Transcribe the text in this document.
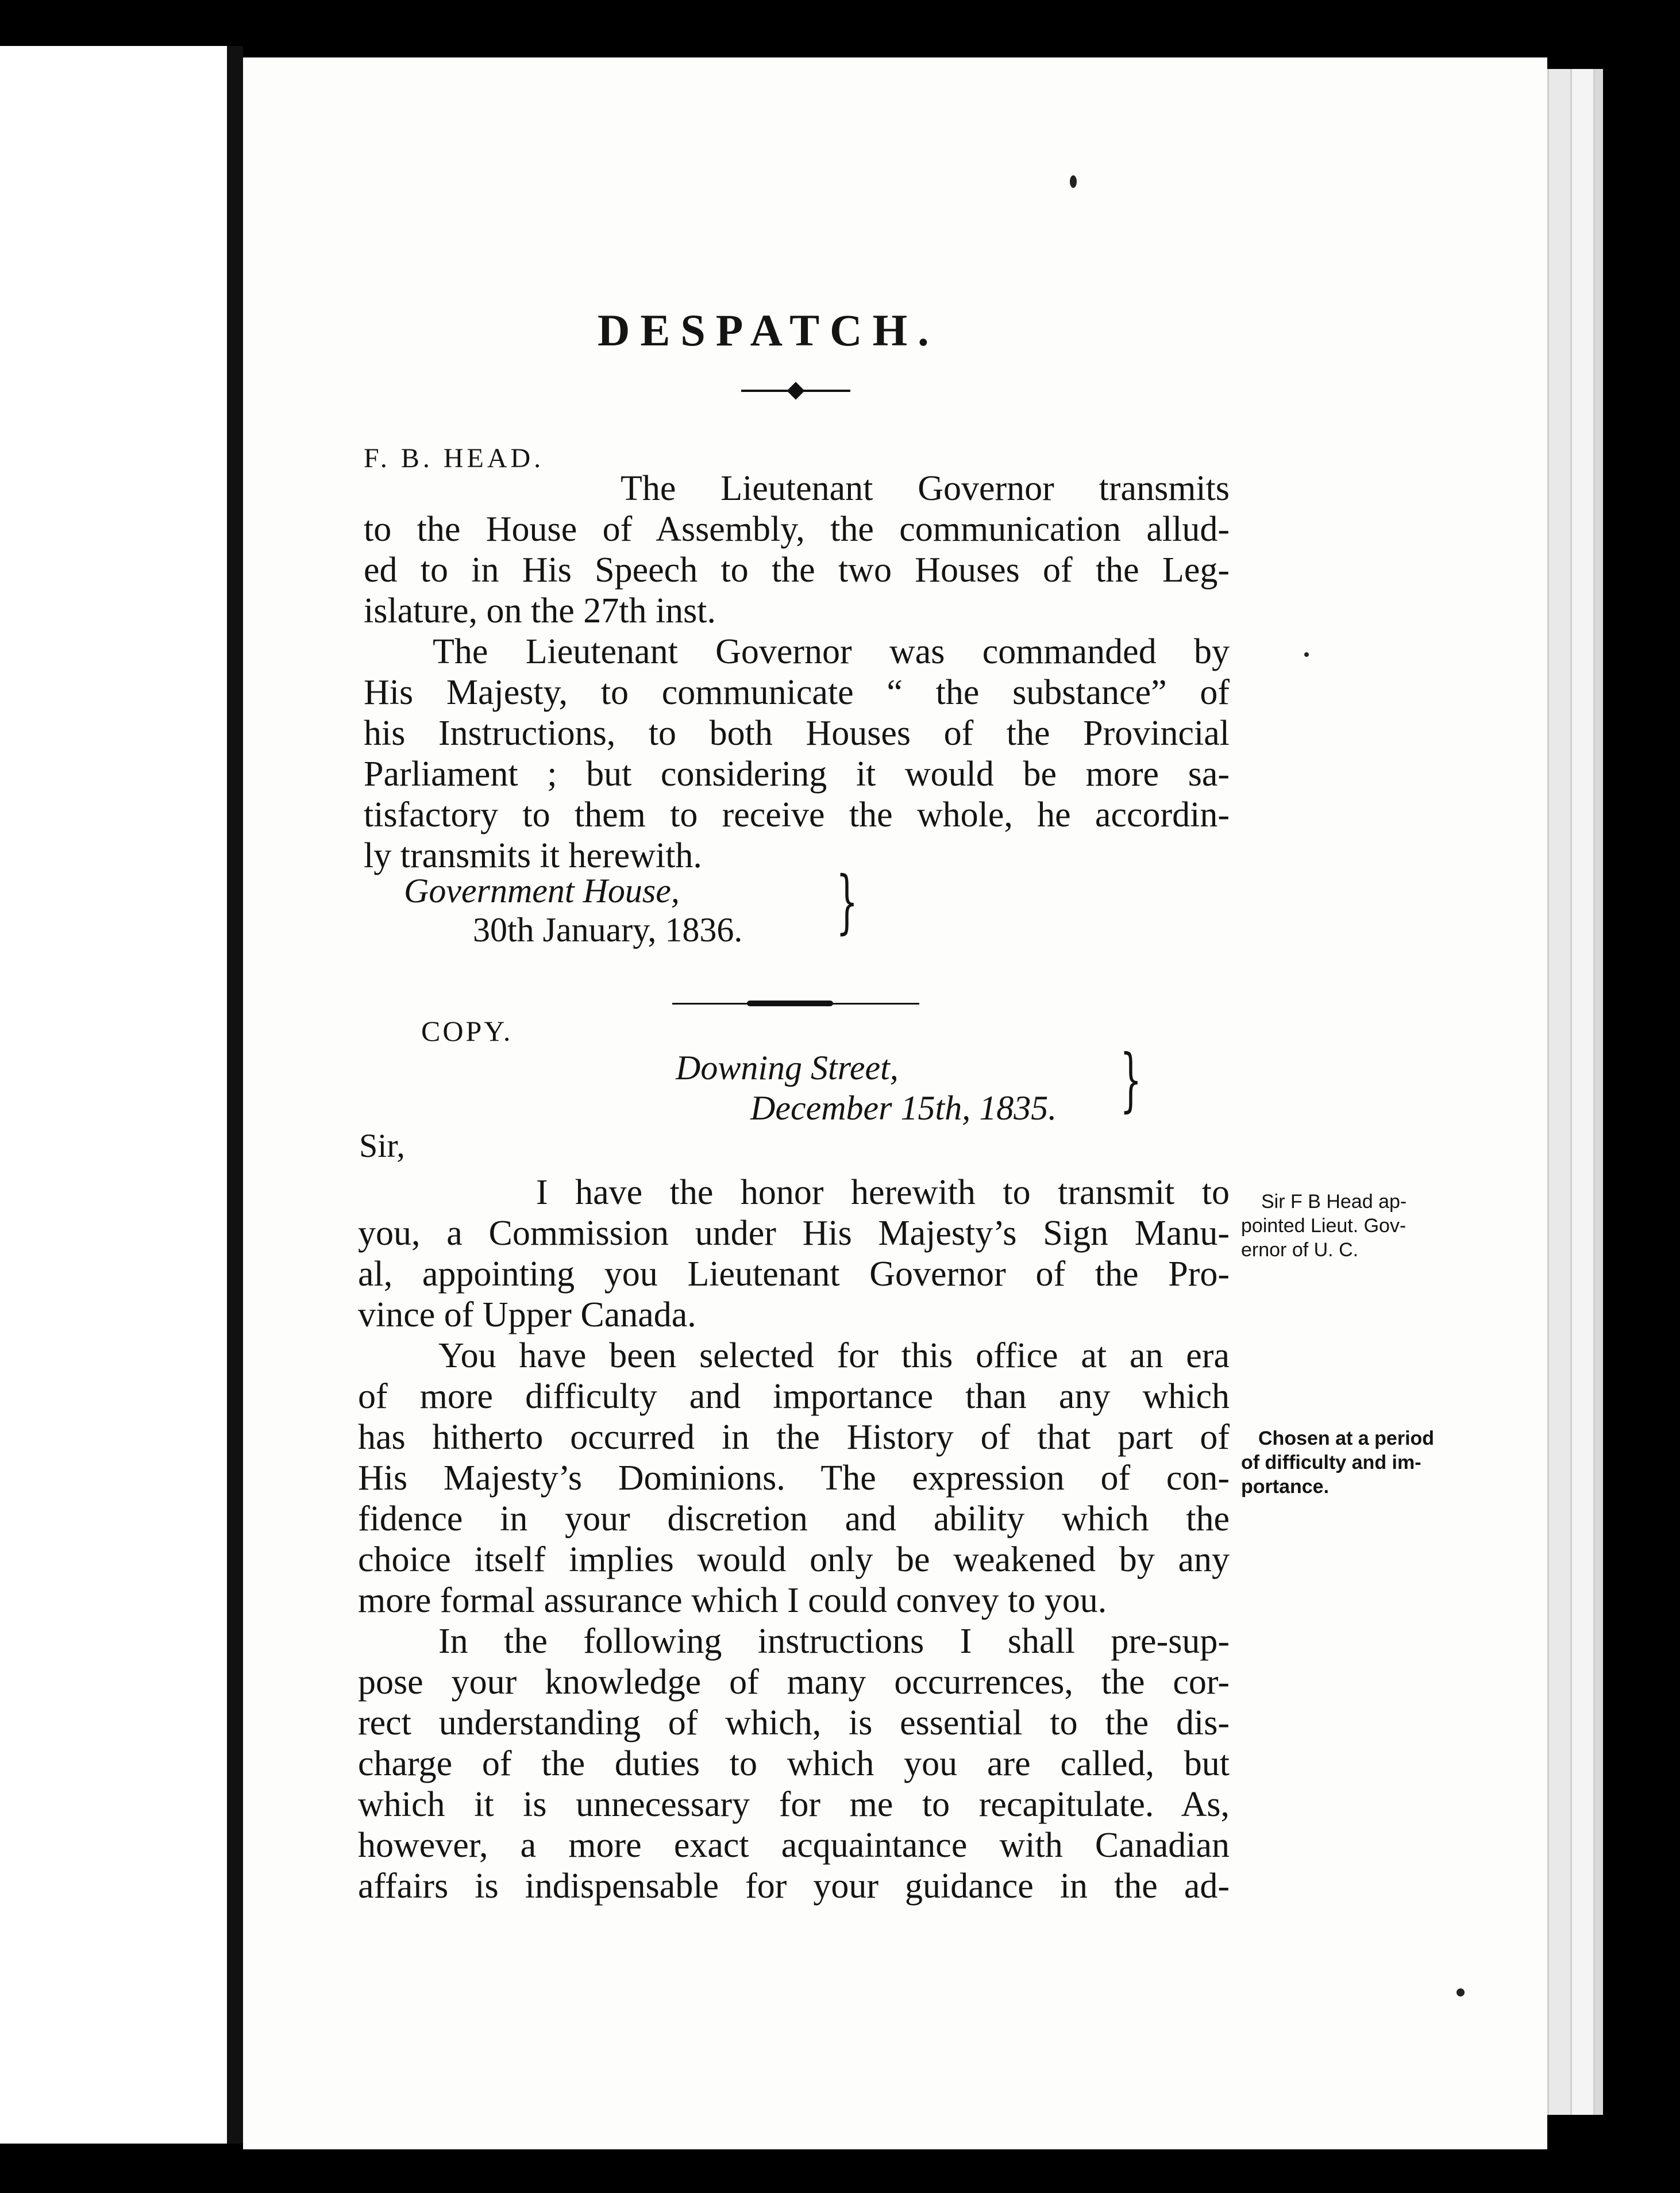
DESPATCH.
F. B. HEAD.
The Lieutenant Governor transmits
to the House of Assembly, the communication allud-
ed to in His Speech to the two Houses of the Leg-
islature, on the 27th inst.
The Lieutenant Governor was commanded by
His Majesty, to communicate “ the substance” of
his Instructions, to both Houses of the Provincial
Parliament ; but considering it would be more sa-
tisfactory to them to receive the whole, he accordin-
ly transmits it herewith.
Government House,
30th January, 1836. }
COPY.
Downing Street,
December 15th, 1835. }
Sir,
I have the honor herewith to transmit to
you, a Commission under His Majesty’s Sign Manu-
al, appointing you Lieutenant Governor of the Pro-
vince of Upper Canada.
You have been selected for this office at an era
of more difficulty and importance than any which
has hitherto occurred in the History of that part of
His Majesty’s Dominions. The expression of con-
fidence in your discretion and ability which the
choice itself implies would only be weakened by any
more formal assurance which I could convey to you.
In the following instructions I shall pre-sup-
pose your knowledge of many occurrences, the cor-
rect understanding of which, is essential to the dis-
charge of the duties to which you are called, but
which it is unnecessary for me to recapitulate. As,
however, a more exact acquaintance with Canadian
affairs is indispensable for your guidance in the ad-
Sir F B Head ap-
pointed Lieut. Gov-
ernor of U. C.
Chosen at a period
of difficulty and im-
portance.
